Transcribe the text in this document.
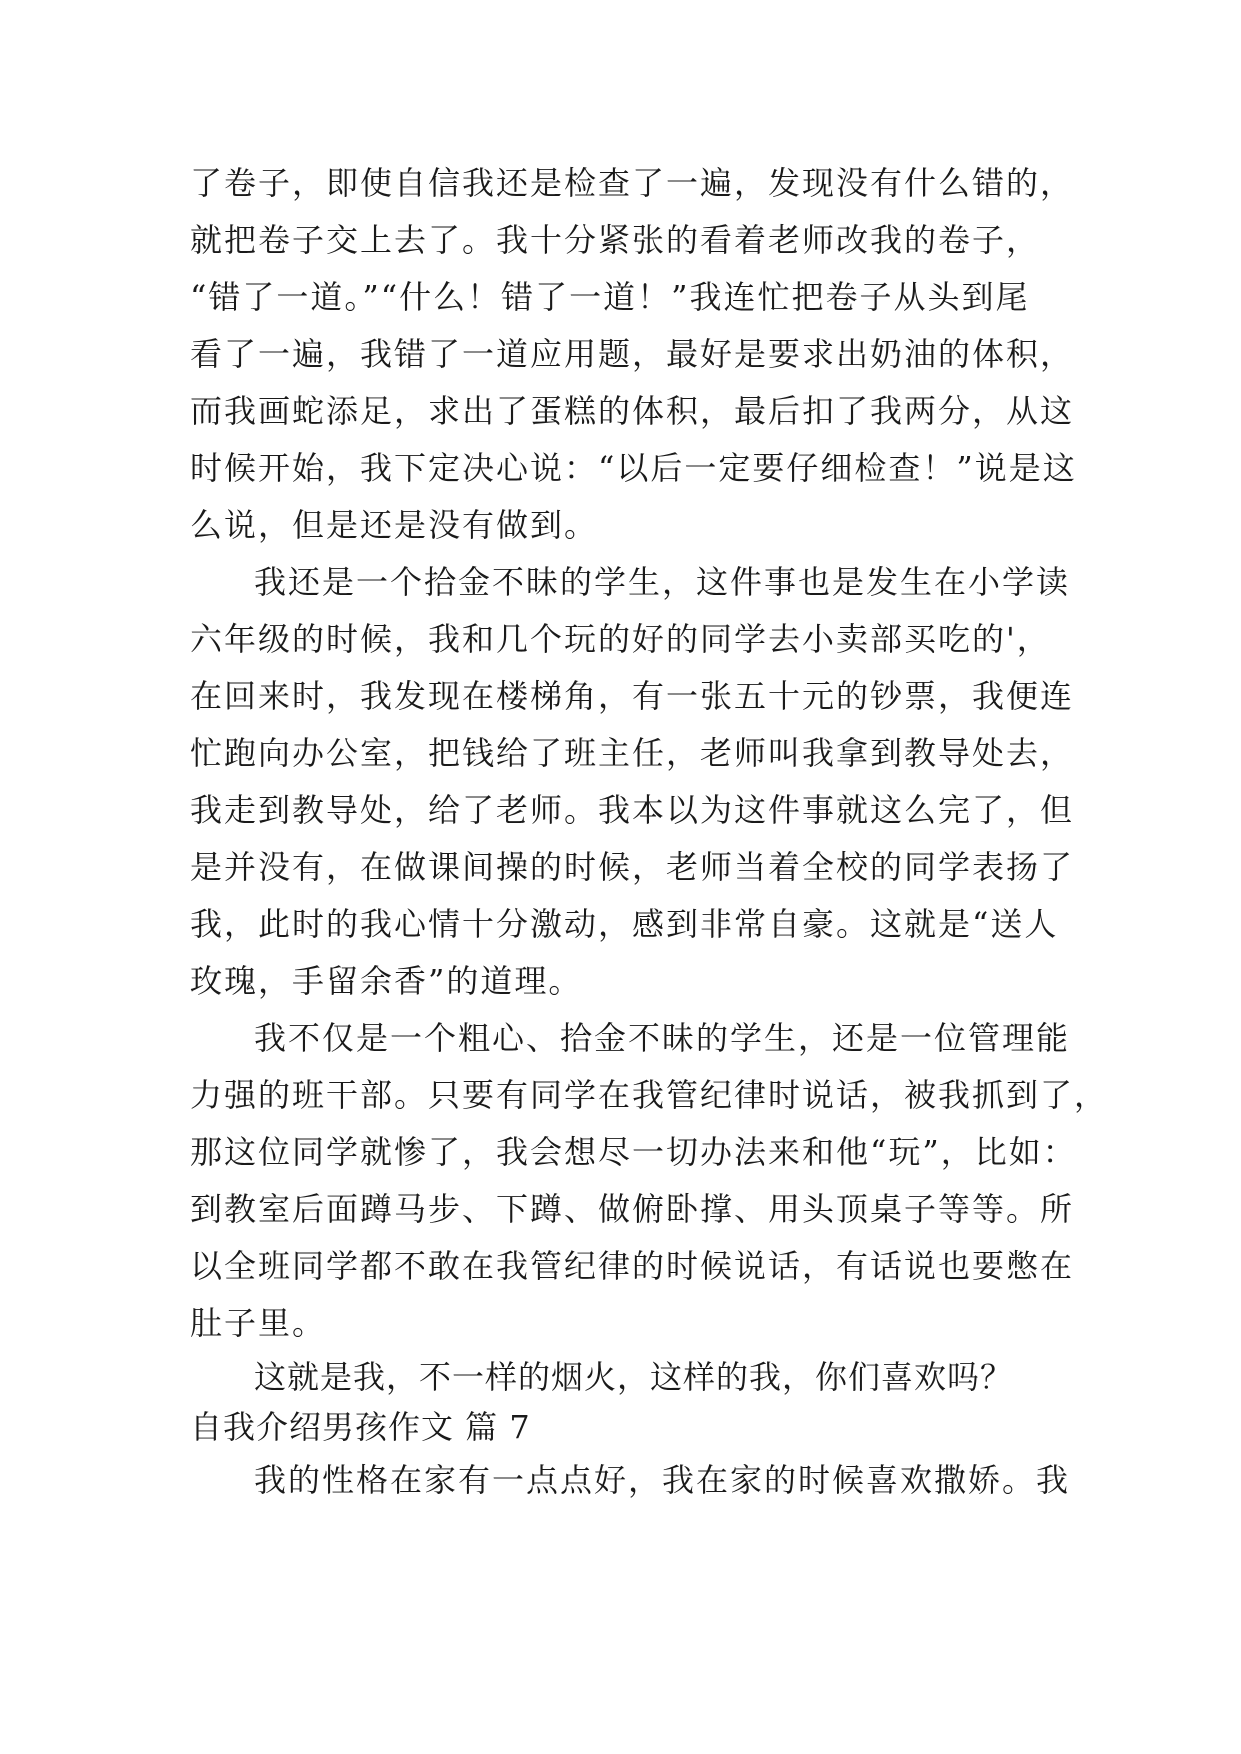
了卷子，即使自信我还是检查了一遍，发现没有什么错的，
就把卷子交上去了。我十分紧张的看着老师改我的卷子，
“错了一道。”“什么！错了一道！”我连忙把卷子从头到尾
看了一遍，我错了一道应用题，最好是要求出奶油的体积，
而我画蛇添足，求出了蛋糕的体积，最后扣了我两分，从这
时候开始，我下定决心说：“以后一定要仔细检查！”说是这
么说，但是还是没有做到。
我还是一个拾金不昧的学生，这件事也是发生在小学读
六年级的时候，我和几个玩的好的同学去小卖部买吃的'，
在回来时，我发现在楼梯角，有一张五十元的钞票，我便连
忙跑向办公室，把钱给了班主任，老师叫我拿到教导处去，
我走到教导处，给了老师。我本以为这件事就这么完了，但
是并没有，在做课间操的时候，老师当着全校的同学表扬了
我，此时的我心情十分激动，感到非常自豪。这就是“送人
玫瑰，手留余香”的道理。
我不仅是一个粗心、拾金不昧的学生，还是一位管理能
力强的班干部。只要有同学在我管纪律时说话，被我抓到了，
那这位同学就惨了，我会想尽一切办法来和他“玩”，比如：
到教室后面蹲马步、下蹲、做俯卧撑、用头顶桌子等等。所
以全班同学都不敢在我管纪律的时候说话，有话说也要憋在
肚子里。
这就是我，不一样的烟火，这样的我，你们喜欢吗？
自我介绍男孩作文 篇 7
我的性格在家有一点点好，我在家的时候喜欢撒娇。我
